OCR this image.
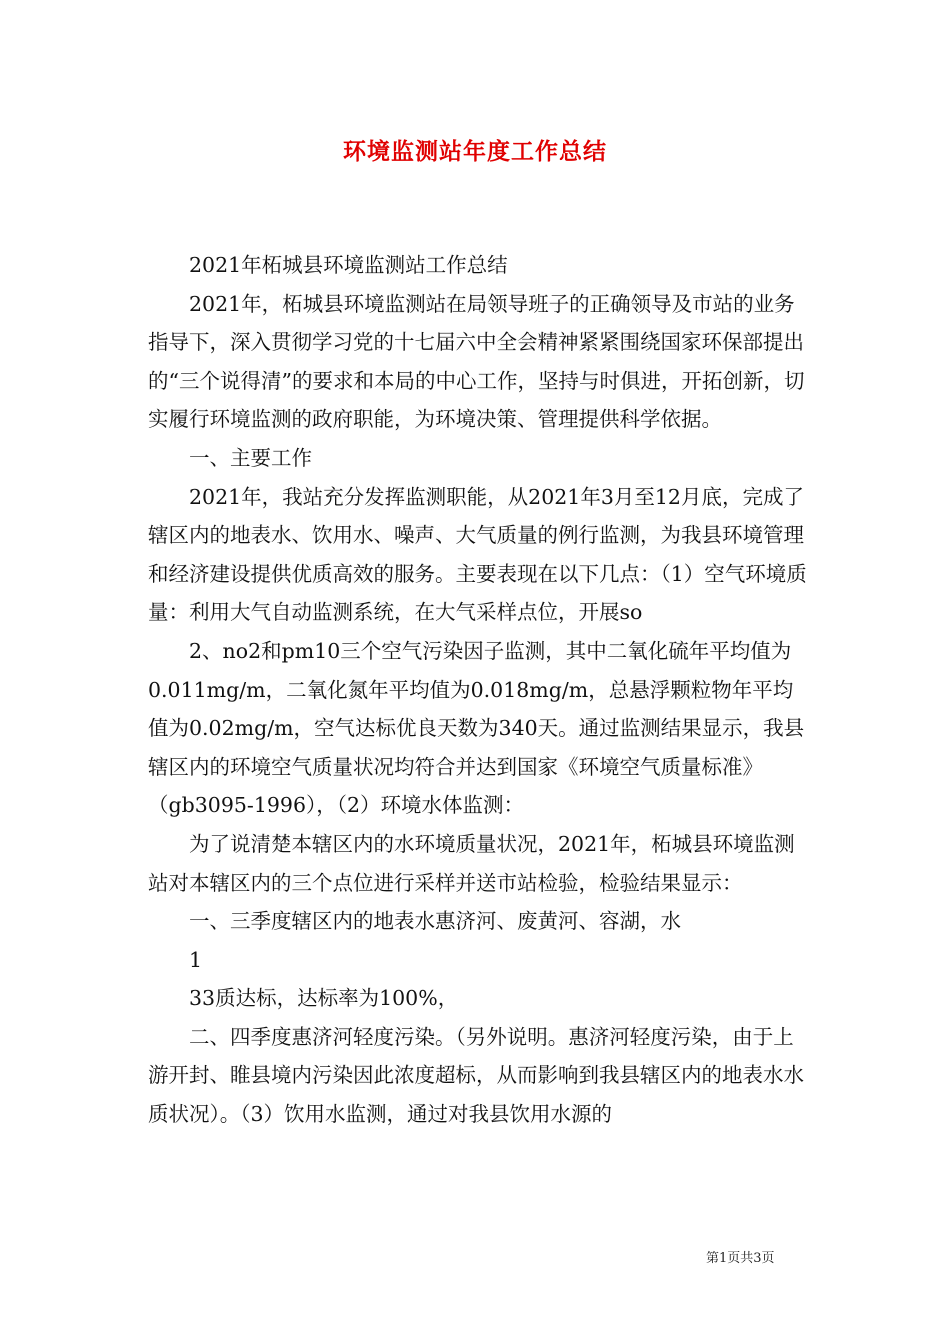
环境监测站年度工作总结

2021年柘城县环境监测站工作总结

2021年，柘城县环境监测站在局领导班子的正确领导及市站的业务指导下，深入贯彻学习党的十七届六中全会精神紧紧围绕国家环保部提出的“三个说得清”的要求和本局的中心工作，坚持与时俱进，开拓创新，切实履行环境监测的政府职能，为环境决策、管理提供科学依据。

一、主要工作

2021年，我站充分发挥监测职能，从2021年3月至12月底，完成了辖区内的地表水、饮用水、噪声、大气质量的例行监测，为我县环境管理和经济建设提供优质高效的服务。主要表现在以下几点：（1）空气环境质量：利用大气自动监测系统，在大气采样点位，开展so

2、no2和pm10三个空气污染因子监测，其中二氧化硫年平均值为0.011mg/m，二氧化氮年平均值为0.018mg/m，总悬浮颗粒物年平均值为0.02mg/m，空气达标优良天数为340天。通过监测结果显示，我县辖区内的环境空气质量状况均符合并达到国家《环境空气质量标准》（gb3095-1996），（2）环境水体监测：

为了说清楚本辖区内的水环境质量状况，2021年，柘城县环境监测站对本辖区内的三个点位进行采样并送市站检验，检验结果显示：

一、三季度辖区内的地表水惠济河、废黄河、容湖，水

1

33质达标，达标率为100%，

二、四季度惠济河轻度污染。（另外说明。惠济河轻度污染，由于上游开封、睢县境内污染因此浓度超标，从而影响到我县辖区内的地表水水质状况）。（3）饮用水监测，通过对我县饮用水源的

第1页共3页
